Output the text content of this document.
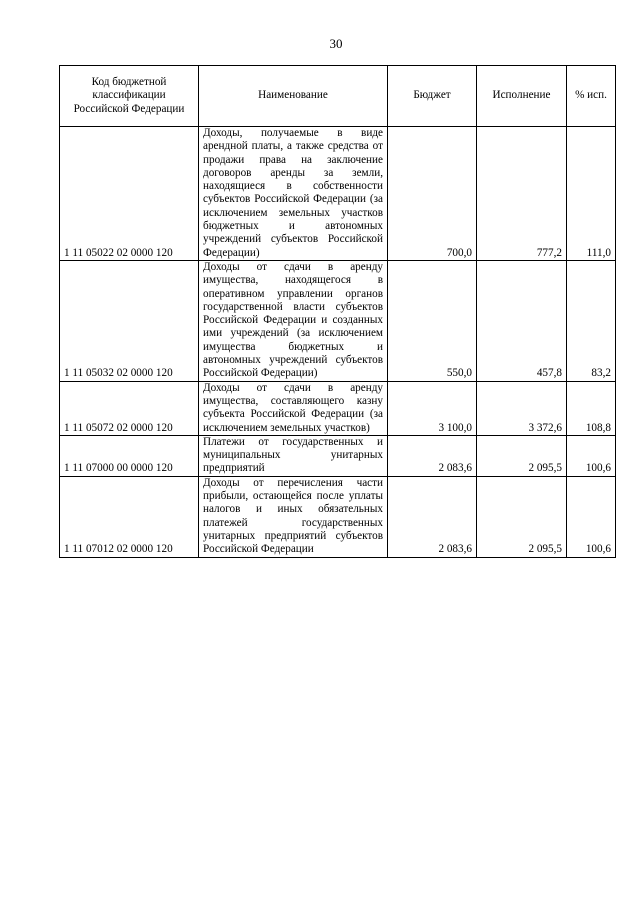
30
Код бюджетной классификации Российской Федерации	Наименование	Бюджет	Исполнение	% исп.
1 11 05022 02 0000 120	Доходы, получаемые в виде арендной платы, а также средства от продажи права на заключение договоров аренды за земли, находящиеся в собственности субъектов Российской Федерации (за исключением земельных участков бюджетных и автономных учреждений субъектов Российской Федерации)	700,0	777,2	111,0
1 11 05032 02 0000 120	Доходы от сдачи в аренду имущества, находящегося в оперативном управлении органов государственной власти субъектов Российской Федерации и созданных ими учреждений (за исключением имущества бюджетных и автономных учреждений субъектов Российской Федерации)	550,0	457,8	83,2
1 11 05072 02 0000 120	Доходы от сдачи в аренду имущества, составляющего казну субъекта Российской Федерации (за исключением земельных участков)	3 100,0	3 372,6	108,8
1 11 07000 00 0000 120	Платежи от государственных и муниципальных унитарных предприятий	2 083,6	2 095,5	100,6
1 11 07012 02 0000 120	Доходы от перечисления части прибыли, остающейся после уплаты налогов и иных обязательных платежей государственных унитарных предприятий субъектов Российской Федерации	2 083,6	2 095,5	100,6
